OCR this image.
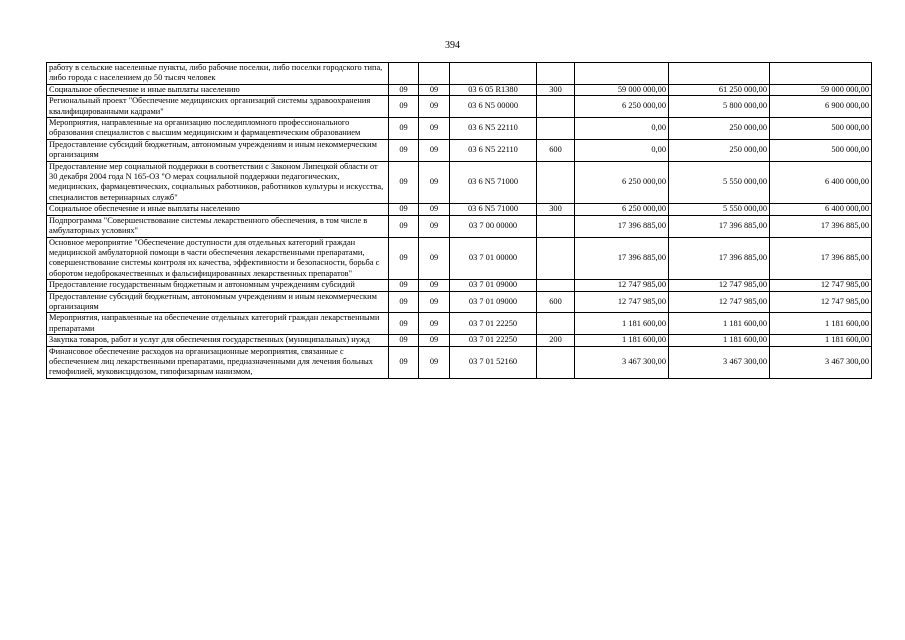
394
работу в сельские населенные пункты, либо рабочие поселки, либо поселки городского типа, либо города с населением до 50 тысяч человек							
Социальное обеспечение и иные выплаты населению	09	09	03 6 05 R1380	300	59 000 000,00	61 250 000,00	59 000 000,00
Региональный проект "Обеспечение медицинских организаций системы здравоохранения квалифицированными кадрами"	09	09	03 6 N5 00000		6 250 000,00	5 800 000,00	6 900 000,00
Мероприятия, направленные на организацию последипломного профессионального образования специалистов с высшим медицинским и фармацевтическим образованием	09	09	03 6 N5 22110		0,00	250 000,00	500 000,00
Предоставление субсидий бюджетным, автономным учреждениям и иным некоммерческим организациям	09	09	03 6 N5 22110	600	0,00	250 000,00	500 000,00
Предоставление мер социальной поддержки в соответствии с Законом Липецкой области от 30 декабря 2004 года N 165-ОЗ "О мерах социальной поддержки педагогических, медицинских, фармацевтических, социальных работников, работников культуры и искусства, специалистов ветеринарных служб"	09	09	03 6 N5 71000		6 250 000,00	5 550 000,00	6 400 000,00
Социальное обеспечение и иные выплаты населению	09	09	03 6 N5 71000	300	6 250 000,00	5 550 000,00	6 400 000,00
Подпрограмма "Совершенствование системы лекарственного обеспечения, в том числе в амбулаторных условиях"	09	09	03 7 00 00000		17 396 885,00	17 396 885,00	17 396 885,00
Основное мероприятие "Обеспечение доступности для отдельных категорий граждан медицинской амбулаторной помощи в части обеспечения лекарственными препаратами, совершенствование системы контроля их качества, эффективности и безопасности, борьба с оборотом недоброкачественных и фальсифицированных лекарственных препаратов"	09	09	03 7 01 00000		17 396 885,00	17 396 885,00	17 396 885,00
Предоставление государственным бюджетным и автономным учреждениям субсидий	09	09	03 7 01 09000		12 747 985,00	12 747 985,00	12 747 985,00
Предоставление субсидий бюджетным, автономным учреждениям и иным некоммерческим организациям	09	09	03 7 01 09000	600	12 747 985,00	12 747 985,00	12 747 985,00
Мероприятия, направленные на обеспечение отдельных категорий граждан лекарственными препаратами	09	09	03 7 01 22250		1 181 600,00	1 181 600,00	1 181 600,00
Закупка товаров, работ и услуг для обеспечения государственных (муниципальных) нужд	09	09	03 7 01 22250	200	1 181 600,00	1 181 600,00	1 181 600,00
Финансовое обеспечение расходов на организационные мероприятия, связанные с обеспечением лиц лекарственными препаратами, предназначенными для лечения больных гемофилией, муковисцидозом, гипофизарным нанизмом,	09	09	03 7 01 52160		3 467 300,00	3 467 300,00	3 467 300,00
